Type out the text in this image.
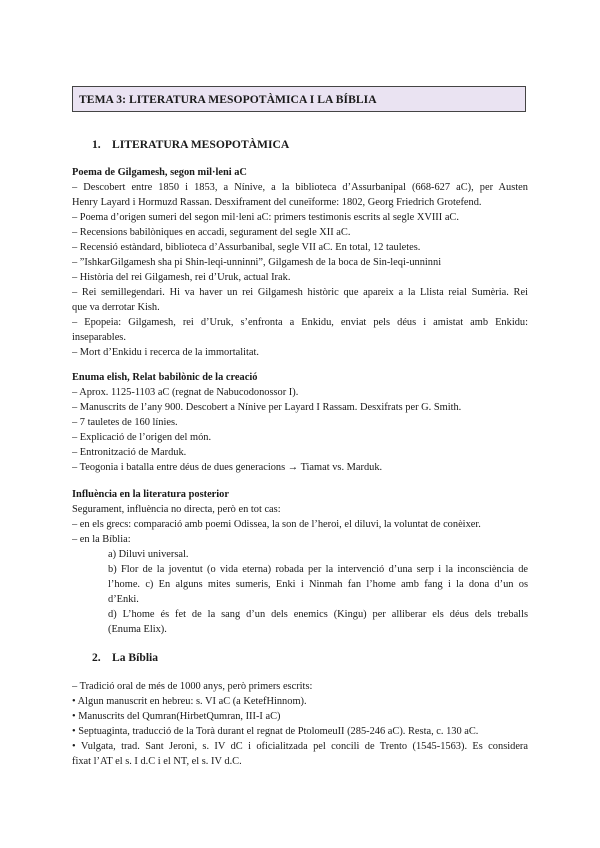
TEMA 3: LITERATURA MESOPOTÀMICA I LA BÍBLIA
1. LITERATURA MESOPOTÀMICA
Poema de Gilgamesh, segon mil·leni aC
– Descobert entre 1850 i 1853, a Nínive, a la biblioteca d’Assurbanipal (668-627 aC), per Austen
Henry Layard i Hormuzd Rassan. Desxiframent del cuneïforme: 1802, Georg Friedrich Grotefend.
– Poema d’origen sumeri del segon mil·leni aC: primers testimonis escrits al segle XVIII aC.
– Recensions babilòniques en accadi, segurament del segle XII aC.
– Recensió estàndard, biblioteca d’Assurbanibal, segle VII aC. En total, 12 tauletes.
– ”IshkarGilgamesh sha pi Shin-leqi-unninni”, Gilgamesh de la boca de Sin-leqi-unninni
– Història del rei Gilgamesh, rei d’Uruk, actual Irak.
– Rei semillegendari. Hi va haver un rei Gilgamesh històric que apareix a la Llista reial Sumèria. Rei
que va derrotar Kish.
– Epopeia: Gilgamesh, rei d’Uruk, s’enfronta a Enkidu, enviat pels déus i amistat amb Enkidu:
inseparables.
– Mort d’Enkidu i recerca de la immortalitat.
Enuma elish, Relat babilònic de la creació
– Aprox. 1125-1103 aC (regnat de Nabucodonossor I).
– Manuscrits de l’any 900. Descobert a Nínive per Layard I Rassam. Desxifrats per G. Smith.
– 7 tauletes de 160 línies.
– Explicació de l’origen del món.
– Entronització de Marduk.
– Teogonia i batalla entre déus de dues generacions → Tiamat vs. Marduk.
Influència en la literatura posterior
Segurament, influència no directa, però en tot cas:
– en els grecs: comparació amb poemi Odissea, la son de l’heroi, el diluvi, la voluntat de conèixer.
– en la Bíblia:
a) Diluvi universal.
b) Flor de la joventut (o vida eterna) robada per la intervenció d’una serp i la inconsciència de
l’home. c) En alguns mites sumeris, Enki i Ninmah fan l’home amb fang i la dona d’un os
d’Enki.
d) L’home és fet de la sang d’un dels enemics (Kingu) per alliberar els déus dels treballs
(Enuma Elix).
2. La Bíblia
– Tradició oral de més de 1000 anys, però primers escrits:
• Algun manuscrit en hebreu: s. VI aC (a KetefHinnom).
• Manuscrits del Qumran(HirbetQumran, III-I aC)
• Septuaginta, traducció de la Torà durant el regnat de PtolomeuII (285-246 aC). Resta, c. 130 aC.
• Vulgata, trad. Sant Jeroni, s. IV dC i oficialitzada pel concili de Trento (1545-1563). Es considera
fixat l’AT el s. I d.C i el NT, el s. IV d.C.
